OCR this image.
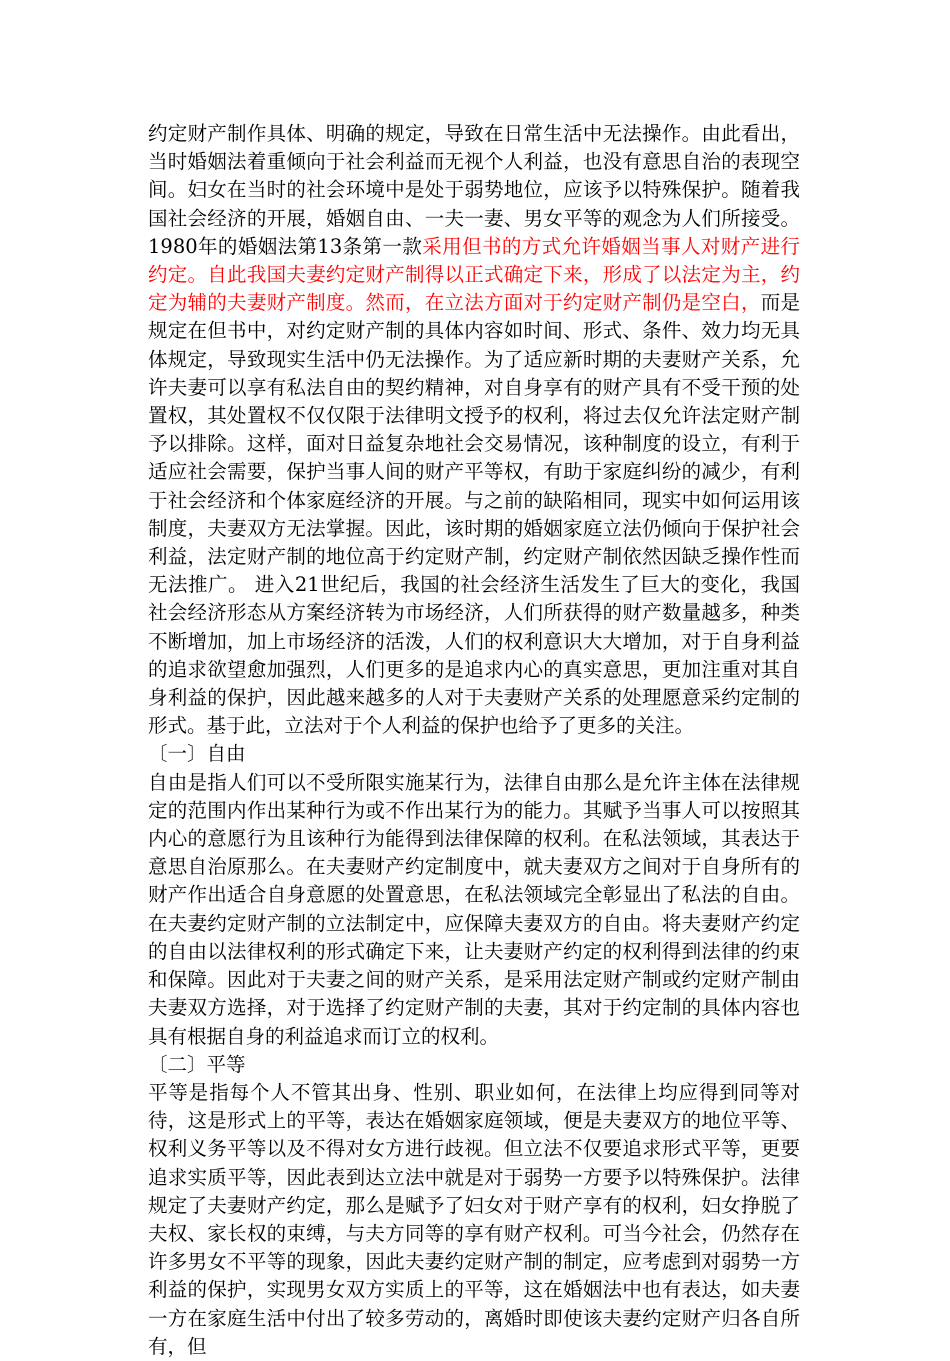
约定财产制作具体、明确的规定，导致在日常生活中无法操作。由此看出，当时婚姻法着重倾向于社会利益而无视个人利益，也没有意思自治的表现空间。妇女在当时的社会环境中是处于弱势地位，应该予以特殊保护。随着我国社会经济的开展，婚姻自由、一夫一妻、男女平等的观念为人们所接受。1980年的婚姻法第13条第一款采用但书的方式允许婚姻当事人对财产进行约定。自此我国夫妻约定财产制得以正式确定下来，形成了以法定为主，约定为辅的夫妻财产制度。然而，在立法方面对于约定财产制仍是空白，而是规定在但书中，对约定财产制的具体内容如时间、形式、条件、效力均无具体规定，导致现实生活中仍无法操作。为了适应新时期的夫妻财产关系，允许夫妻可以享有私法自由的契约精神，对自身享有的财产具有不受干预的处置权，其处置权不仅仅限于法律明文授予的权利，将过去仅允许法定财产制予以排除。这样，面对日益复杂地社会交易情况，该种制度的设立，有利于适应社会需要，保护当事人间的财产平等权，有助于家庭纠纷的减少，有利于社会经济和个体家庭经济的开展。与之前的缺陷相同，现实中如何运用该制度，夫妻双方无法掌握。因此，该时期的婚姻家庭立法仍倾向于保护社会利益，法定财产制的地位高于约定财产制，约定财产制依然因缺乏操作性而无法推广。 进入21世纪后，我国的社会经济生活发生了巨大的变化，我国社会经济形态从方案经济转为市场经济，人们所获得的财产数量越多，种类不断增加，加上市场经济的活泼，人们的权利意识大大增加，对于自身利益的追求欲望愈加强烈，人们更多的是追求内心的真实意思，更加注重对其自身利益的保护，因此越来越多的人对于夫妻财产关系的处理愿意采约定制的形式。基于此，立法对于个人利益的保护也给予了更多的关注。

〔一〕自由

自由是指人们可以不受所限实施某行为，法律自由那么是允许主体在法律规定的范围内作出某种行为或不作出某行为的能力。其赋予当事人可以按照其内心的意愿行为且该种行为能得到法律保障的权利。在私法领域，其表达于意思自治原那么。在夫妻财产约定制度中，就夫妻双方之间对于自身所有的财产作出适合自身意愿的处置意思，在私法领域完全彰显出了私法的自由。在夫妻约定财产制的立法制定中，应保障夫妻双方的自由。将夫妻财产约定的自由以法律权利的形式确定下来，让夫妻财产约定的权利得到法律的约束和保障。因此对于夫妻之间的财产关系，是采用法定财产制或约定财产制由夫妻双方选择，对于选择了约定财产制的夫妻，其对于约定制的具体内容也具有根据自身的利益追求而订立的权利。

〔二〕平等

平等是指每个人不管其出身、性别、职业如何，在法律上均应得到同等对待，这是形式上的平等，表达在婚姻家庭领域，便是夫妻双方的地位平等、权利义务平等以及不得对女方进行歧视。但立法不仅要追求形式平等，更要追求实质平等，因此表到达立法中就是对于弱势一方要予以特殊保护。法律规定了夫妻财产约定，那么是赋予了妇女对于财产享有的权利，妇女挣脱了夫权、家长权的束缚，与夫方同等的享有财产权利。可当今社会，仍然存在许多男女不平等的现象，因此夫妻约定财产制的制定，应考虑到对弱势一方利益的保护，实现男女双方实质上的平等，这在婚姻法中也有表达，如夫妻一方在家庭生活中付出了较多劳动的，离婚时即使该夫妻约定财产归各自所有，但
